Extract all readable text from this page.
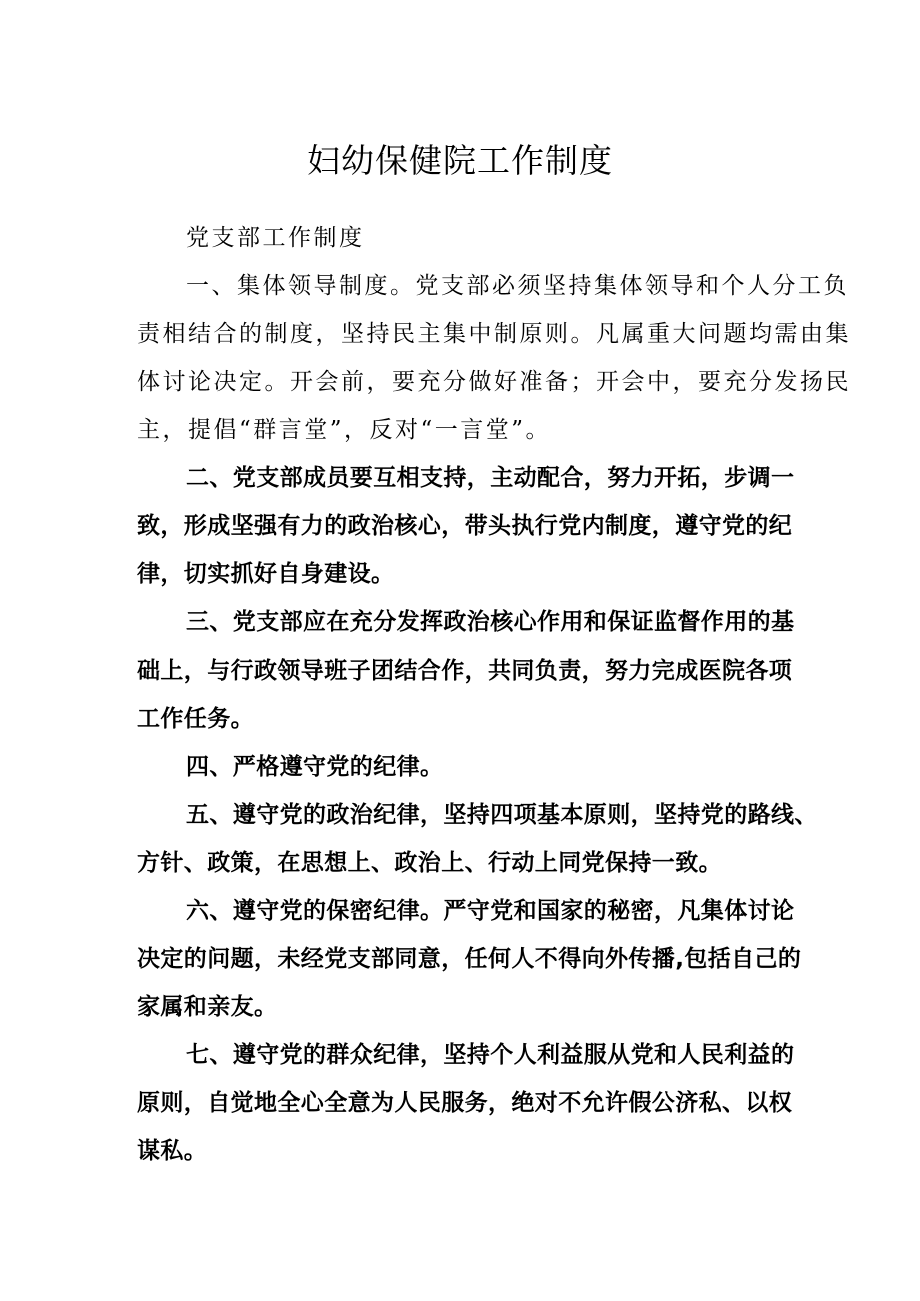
妇幼保健院工作制度
党支部工作制度
一、集体领导制度。党支部必须坚持集体领导和个人分工负
责相结合的制度，坚持民主集中制原则。凡属重大问题均需由集
体讨论决定。开会前，要充分做好准备；开会中，要充分发扬民
主，提倡“群言堂”，反对“一言堂”。
二、党支部成员要互相支持，主动配合，努力开拓，步调一
致，形成坚强有力的政治核心，带头执行党内制度，遵守党的纪
律，切实抓好自身建设。
三、党支部应在充分发挥政治核心作用和保证监督作用的基
础上，与行政领导班子团结合作，共同负责，努力完成医院各项
工作任务。
四、严格遵守党的纪律。
五、遵守党的政治纪律，坚持四项基本原则，坚持党的路线、
方针、政策，在思想上、政治上、行动上同党保持一致。
六、遵守党的保密纪律。严守党和国家的秘密，凡集体讨论
决定的问题，未经党支部同意，任何人不得向外传播,包括自己的
家属和亲友。
七、遵守党的群众纪律，坚持个人利益服从党和人民利益的
原则，自觉地全心全意为人民服务，绝对不允许假公济私、以权
谋私。
